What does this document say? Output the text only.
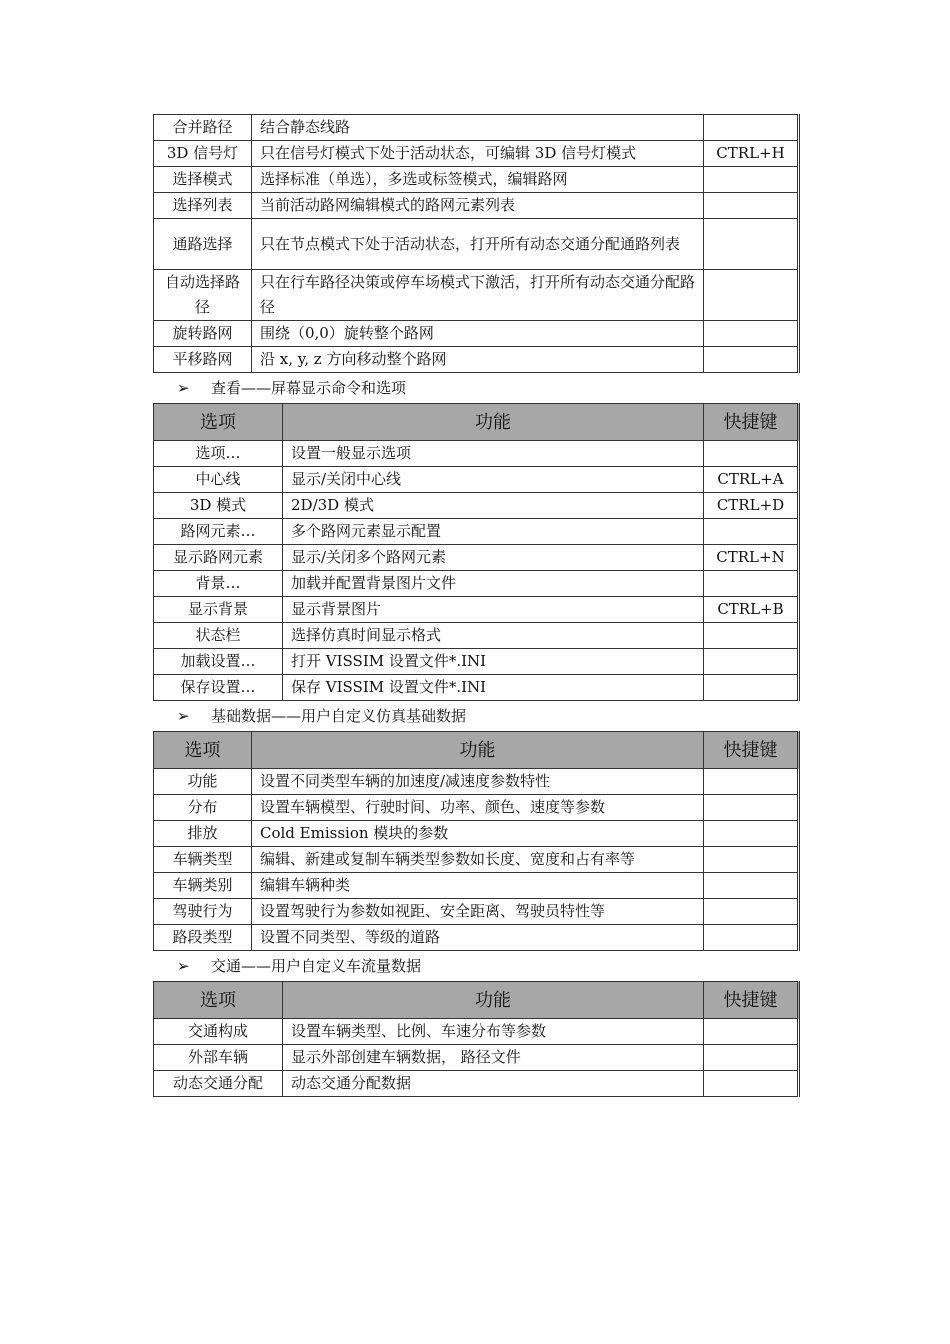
合并路径	结合静态线路	
3D 信号灯	只在信号灯模式下处于活动状态，可编辑 3D 信号灯模式	CTRL+H
选择模式	选择标准（单选），多选或标签模式，编辑路网	
选择列表	当前活动路网编辑模式的路网元素列表	
通路选择	只在节点模式下处于活动状态，打开所有动态交通分配通路列表	
自动选择路径	只在行车路径决策或停车场模式下激活，打开所有动态交通分配路径	
旋转路网	围绕（0,0）旋转整个路网	
平移路网	沿 x, y, z 方向移动整个路网	
➢ 查看——屏幕显示命令和选项
选项	功能	快捷键
选项…	设置一般显示选项	
中心线	显示/关闭中心线	CTRL+A
3D 模式	2D/3D 模式	CTRL+D
路网元素…	多个路网元素显示配置	
显示路网元素	显示/关闭多个路网元素	CTRL+N
背景…	加载并配置背景图片文件	
显示背景	显示背景图片	CTRL+B
状态栏	选择仿真时间显示格式	
加载设置…	打开 VISSIM 设置文件*.INI	
保存设置…	保存 VISSIM 设置文件*.INI	
➢ 基础数据——用户自定义仿真基础数据
选项	功能	快捷键
功能	设置不同类型车辆的加速度/减速度参数特性	
分布	设置车辆模型、行驶时间、功率、颜色、速度等参数	
排放	Cold Emission 模块的参数	
车辆类型	编辑、新建或复制车辆类型参数如长度、宽度和占有率等	
车辆类别	编辑车辆种类	
驾驶行为	设置驾驶行为参数如视距、安全距离、驾驶员特性等	
路段类型	设置不同类型、等级的道路	
➢ 交通——用户自定义车流量数据
选项	功能	快捷键
交通构成	设置车辆类型、比例、车速分布等参数	
外部车辆	显示外部创建车辆数据， 路径文件	
动态交通分配	动态交通分配数据	
